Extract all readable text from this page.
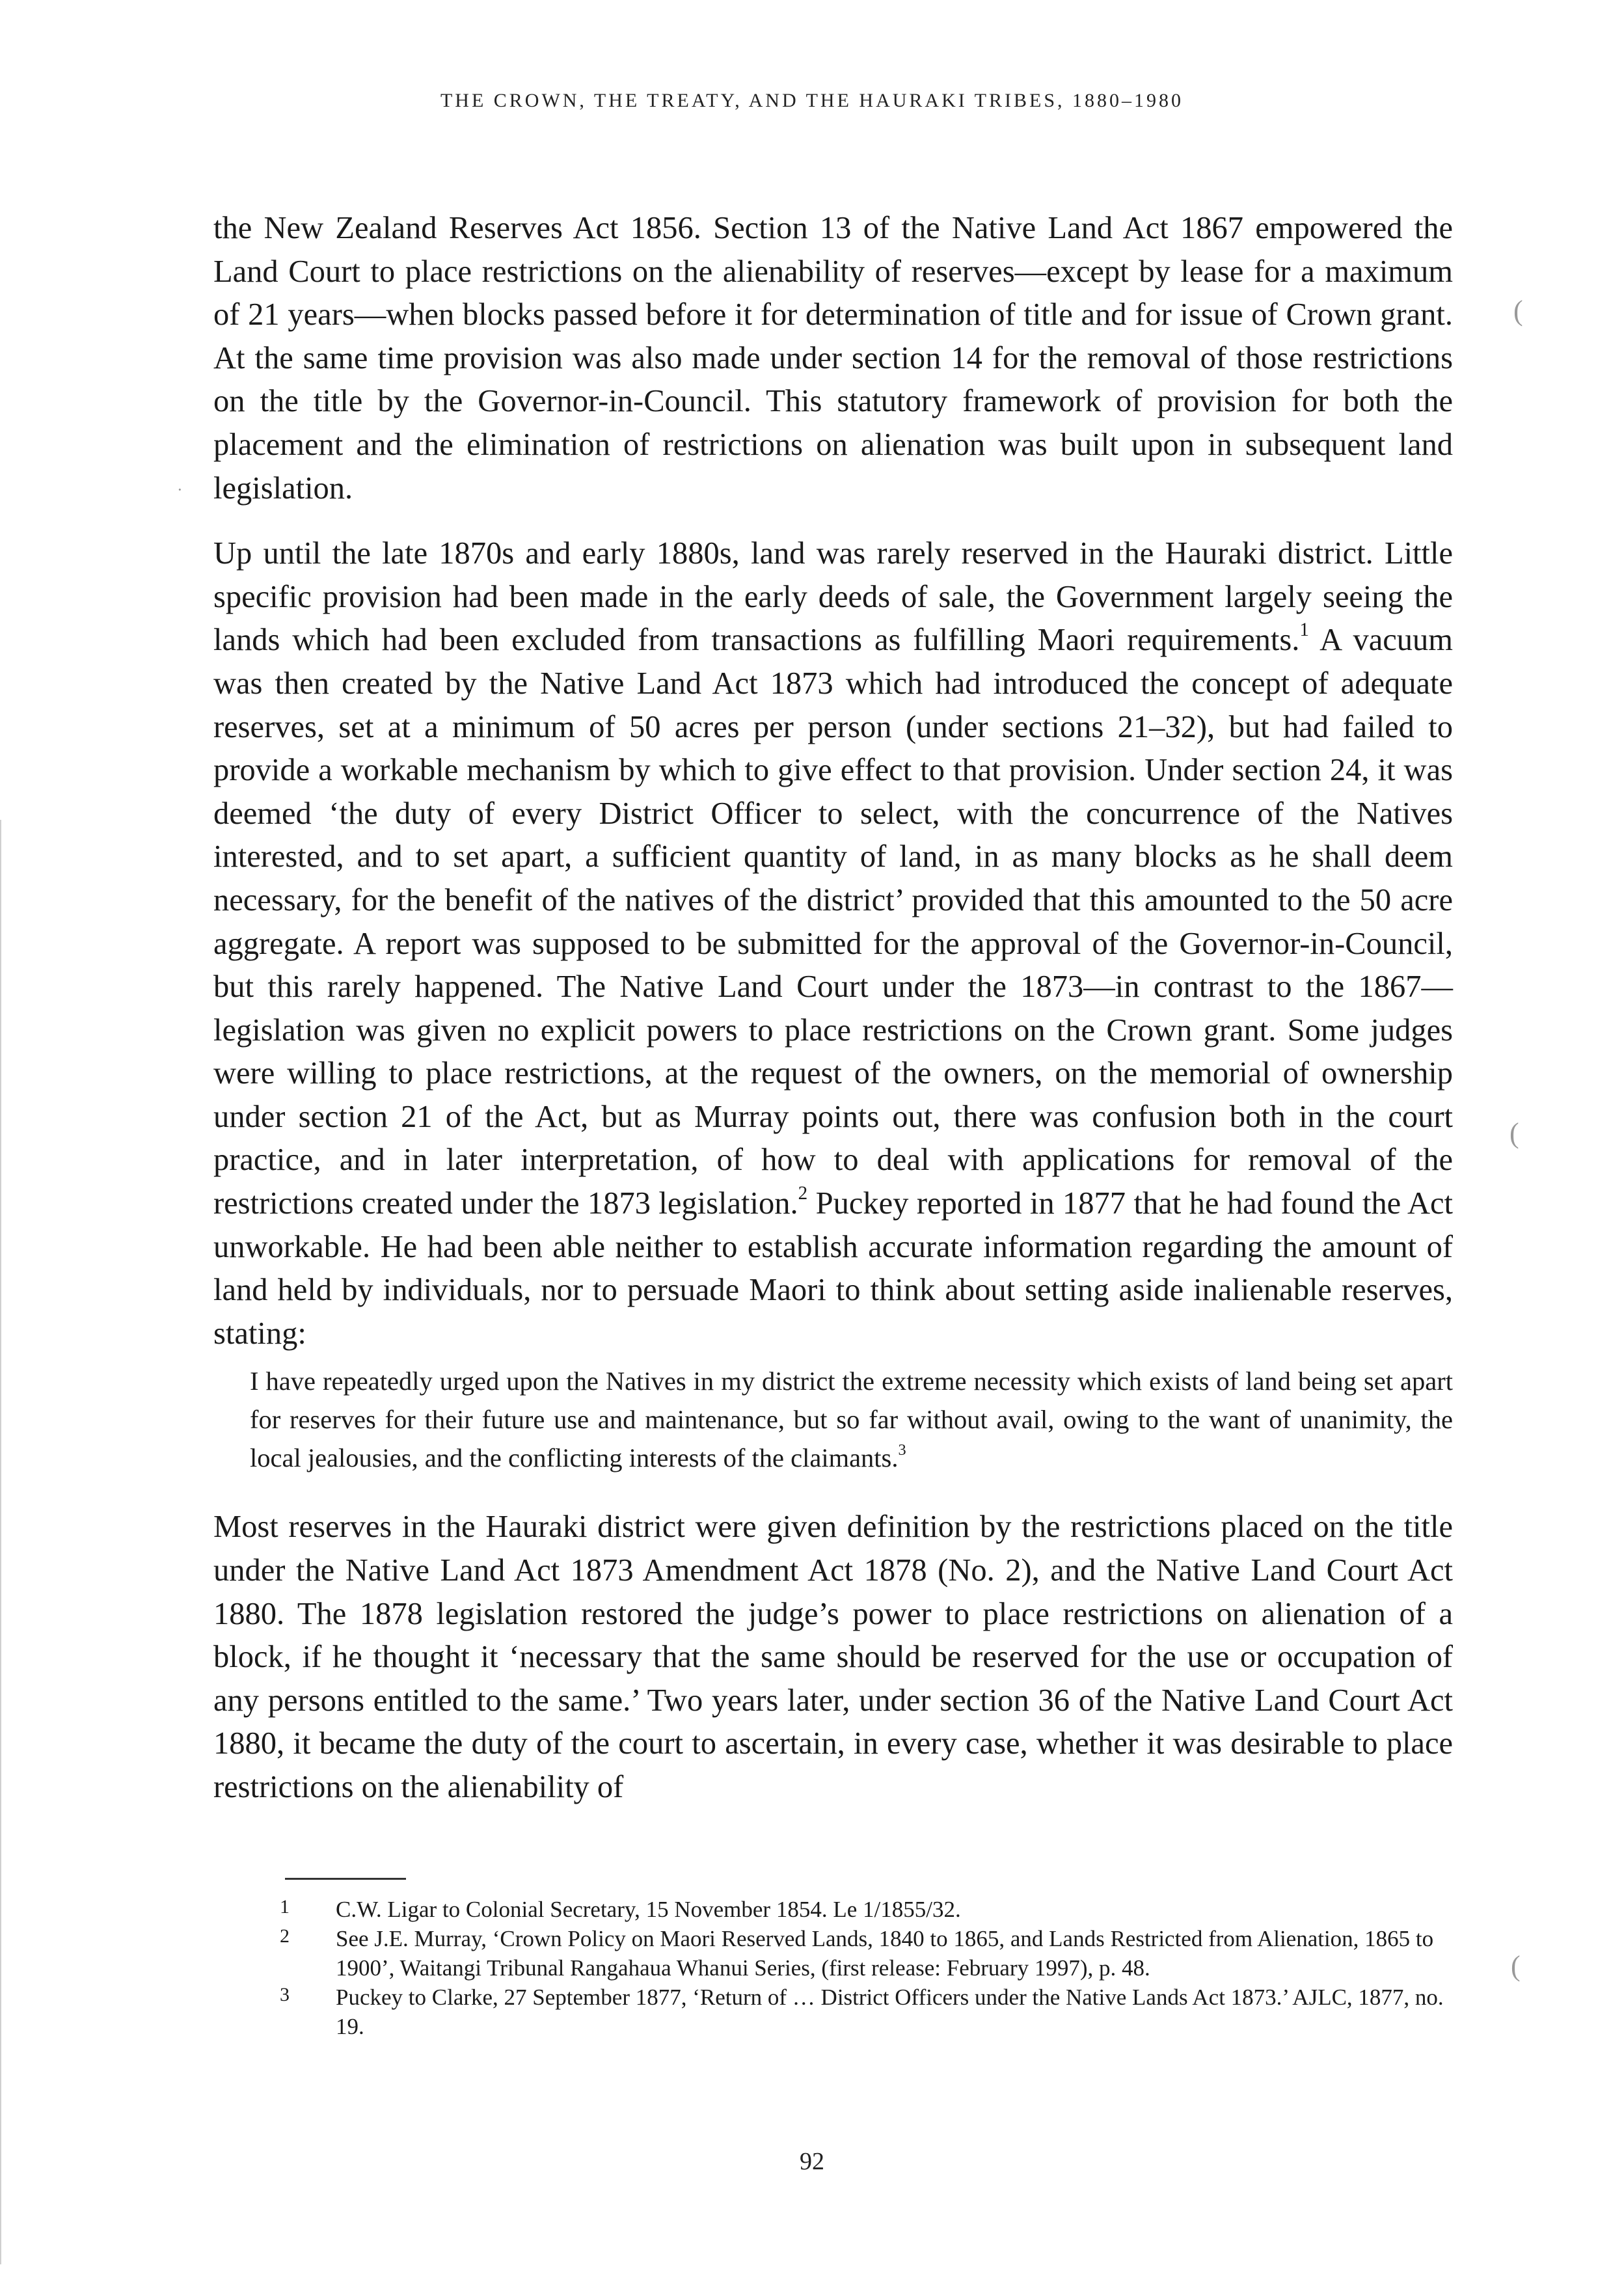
THE CROWN, THE TREATY, AND THE HAURAKI TRIBES, 1880–1980

the New Zealand Reserves Act 1856. Section 13 of the Native Land Act 1867 empowered the Land Court to place restrictions on the alienability of reserves—except by lease for a maximum of 21 years—when blocks passed before it for determination of title and for issue of Crown grant. At the same time provision was also made under section 14 for the removal of those restrictions on the title by the Governor-in-Council. This statutory framework of provision for both the placement and the elimination of restrictions on alienation was built upon in subsequent land legislation.

Up until the late 1870s and early 1880s, land was rarely reserved in the Hauraki district. Little specific provision had been made in the early deeds of sale, the Government largely seeing the lands which had been excluded from transactions as fulfilling Maori requirements.$^1$ A vacuum was then created by the Native Land Act 1873 which had introduced the concept of adequate reserves, set at a minimum of 50 acres per person (under sections 21–32), but had failed to provide a workable mechanism by which to give effect to that provision. Under section 24, it was deemed ‘the duty of every District Officer to select, with the concurrence of the Natives interested, and to set apart, a sufficient quantity of land, in as many blocks as he shall deem necessary, for the benefit of the natives of the district’ provided that this amounted to the 50 acre aggregate. A report was supposed to be submitted for the approval of the Governor-in-Council, but this rarely happened. The Native Land Court under the 1873—in contrast to the 1867— legislation was given no explicit powers to place restrictions on the Crown grant. Some judges were willing to place restrictions, at the request of the owners, on the memorial of ownership under section 21 of the Act, but as Murray points out, there was confusion both in the court practice, and in later interpretation, of how to deal with applications for removal of the restrictions created under the 1873 legislation.$^2$ Puckey reported in 1877 that he had found the Act unworkable. He had been able neither to establish accurate information regarding the amount of land held by individuals, nor to persuade Maori to think about setting aside inalienable reserves, stating:

I have repeatedly urged upon the Natives in my district the extreme necessity which exists of land being set apart for reserves for their future use and maintenance, but so far without avail, owing to the want of unanimity, the local jealousies, and the conflicting interests of the claimants.$^3$

Most reserves in the Hauraki district were given definition by the restrictions placed on the title under the Native Land Act 1873 Amendment Act 1878 (No. 2), and the Native Land Court Act 1880. The 1878 legislation restored the judge’s power to place restrictions on alienation of a block, if he thought it ‘necessary that the same should be reserved for the use or occupation of any persons entitled to the same.’ Two years later, under section 36 of the Native Land Court Act 1880, it became the duty of the court to ascertain, in every case, whether it was desirable to place restrictions on the alienability of

1 C.W. Ligar to Colonial Secretary, 15 November 1854. Le 1/1855/32.
2 See J.E. Murray, ‘Crown Policy on Maori Reserved Lands, 1840 to 1865, and Lands Restricted from Alienation, 1865 to 1900’, Waitangi Tribunal Rangahaua Whanui Series, (first release: February 1997), p. 48.
3 Puckey to Clarke, 27 September 1877, ‘Return of … District Officers under the Native Lands Act 1873.’ AJLC, 1877, no. 19.
92
(
(
(
·
